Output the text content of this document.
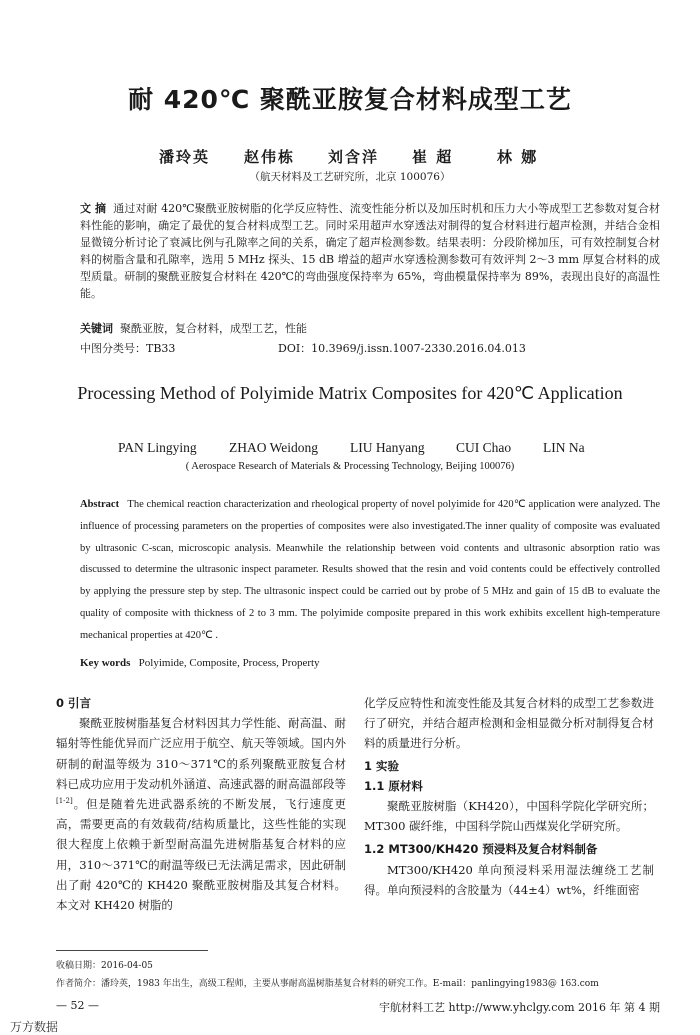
耐 420℃ 聚酰亚胺复合材料成型工艺
潘玲英 赵伟栋 刘含洋 崔 超	林 娜
（航天材料及工艺研究所，北京 100076）
文 摘 通过对耐 420℃聚酰亚胺树脂的化学反应特性、流变性能分析以及加压时机和压力大小等成型工艺参数对复合材料性能的影响，确定了最优的复合材料成型工艺。同时采用超声水穿透法对制得的复合材料进行超声检测，并结合金相显微镜分析讨论了衰减比例与孔隙率之间的关系，确定了超声检测参数。结果表明：分段阶梯加压，可有效控制复合材料的树脂含量和孔隙率，选用 5 MHz 探头、15 dB 增益的超声水穿透检测参数可有效评判 2～3 mm 厚复合材料的成型质量。研制的聚酰亚胺复合材料在 420℃的弯曲强度保持率为 65%，弯曲模量保持率为 89%，表现出良好的高温性能。
关键词 聚酰亚胺，复合材料，成型工艺，性能
中图分类号：TB33	DOI：10.3969/j.issn.1007-2330.2016.04.013
Processing Method of Polyimide Matrix Composites for 420℃ Application
PAN Lingying ZHAO Weidong LIU Hanyang CUI Chao LIN Na
( Aerospace Research of Materials & Processing Technology, Beijing 100076)
Abstract The chemical reaction characterization and rheological property of novel polyimide for 420℃ application were analyzed. The influence of processing parameters on the properties of composites were also investigated.The inner quality of composite was evaluated by ultrasonic C-scan, microscopic analysis. Meanwhile the relationship between void contents and ultrasonic absorption ratio was discussed to determine the ultrasonic inspect parameter. Results showed that the resin and void contents could be effectively controlled by applying the pressure step by step. The ultrasonic inspect could be carried out by probe of 5 MHz and gain of 15 dB to evaluate the quality of composite with thickness of 2 to 3 mm. The polyimide composite prepared in this work exhibits excellent high-temperature mechanical properties at 420℃ .
Key words Polyimide, Composite, Process, Property
0 引言

聚酰亚胺树脂基复合材料因其力学性能、耐高温、耐辐射等性能优异而广泛应用于航空、航天等领域。国内外研制的耐温等级为 310～371℃的系列聚酰亚胺复合材料已成功应用于发动机外涵道、高速武器的耐高温部段等[1-2]。但是随着先进武器系统的不断发展，飞行速度更高，需要更高的有效载荷/结构质量比，这些性能的实现很大程度上依赖于新型耐高温先进树脂基复合材料的应用，310～371℃的耐温等级已无法满足需求，因此研制出了耐 420℃的 KH420 聚酰亚胺树脂及其复合材料。本文对 KH420 树脂的

化学反应特性和流变性能及其复合材料的成型工艺参数进行了研究，并结合超声检测和金相显微分析对制得复合材料的质量进行分析。

1 实验
1.1 原材料

聚酰亚胺树脂（KH420），中国科学院化学研究所；MT300 碳纤维，中国科学院山西煤炭化学研究所。

1.2 MT300/KH420 预浸料及复合材料制备

MT300/KH420 单向预浸料采用湿法缠绕工艺制得。单向预浸料的含胶量为（44±4）wt%，纤维面密

收稿日期：2016-04-05
作者简介：潘玲英，1983 年出生，高级工程师，主要从事耐高温树脂基复合材料的研究工作。E-mail：panlingying1983@ 163.com
— 52 —	宇航材料工艺 http://www.yhclgy.com 2016 年 第 4 期
万方数据
